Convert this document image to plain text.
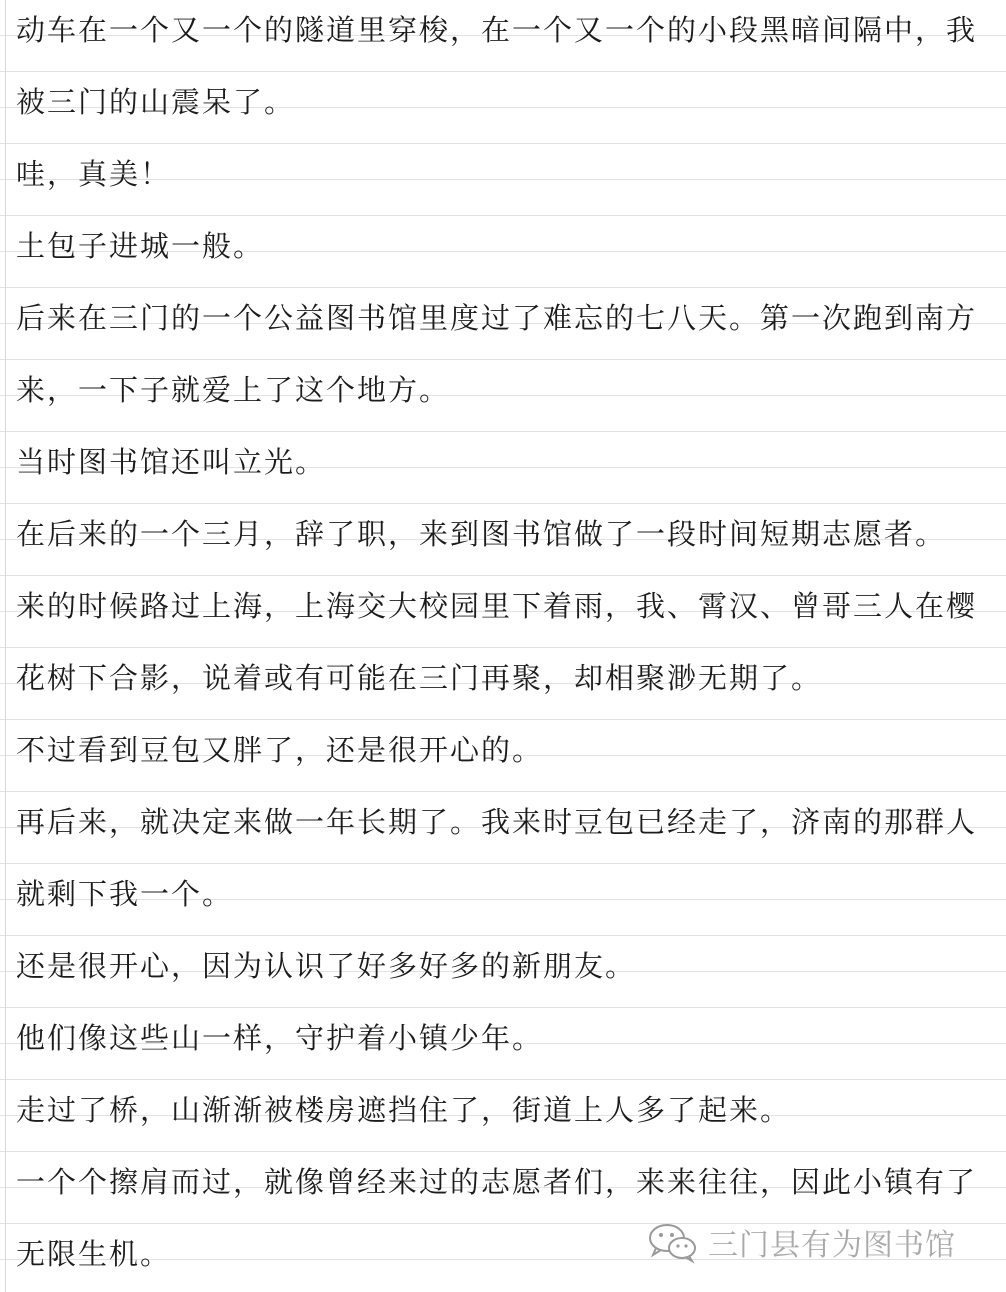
动车在一个又一个的隧道里穿梭，在一个又一个的小段黑暗间隔中，我

被三门的山震呆了。

哇，真美！

土包子进城一般。

后来在三门的一个公益图书馆里度过了难忘的七八天。第一次跑到南方

来，一下子就爱上了这个地方。

当时图书馆还叫立光。

在后来的一个三月，辞了职，来到图书馆做了一段时间短期志愿者。

来的时候路过上海，上海交大校园里下着雨，我、霄汉、曾哥三人在樱

花树下合影，说着或有可能在三门再聚，却相聚渺无期了。

不过看到豆包又胖了，还是很开心的。

再后来，就决定来做一年长期了。我来时豆包已经走了，济南的那群人

就剩下我一个。

还是很开心，因为认识了好多好多的新朋友。

他们像这些山一样，守护着小镇少年。

走过了桥，山渐渐被楼房遮挡住了，街道上人多了起来。

一个个擦肩而过，就像曾经来过的志愿者们，来来往往，因此小镇有了

无限生机。	三门县有为图书馆
